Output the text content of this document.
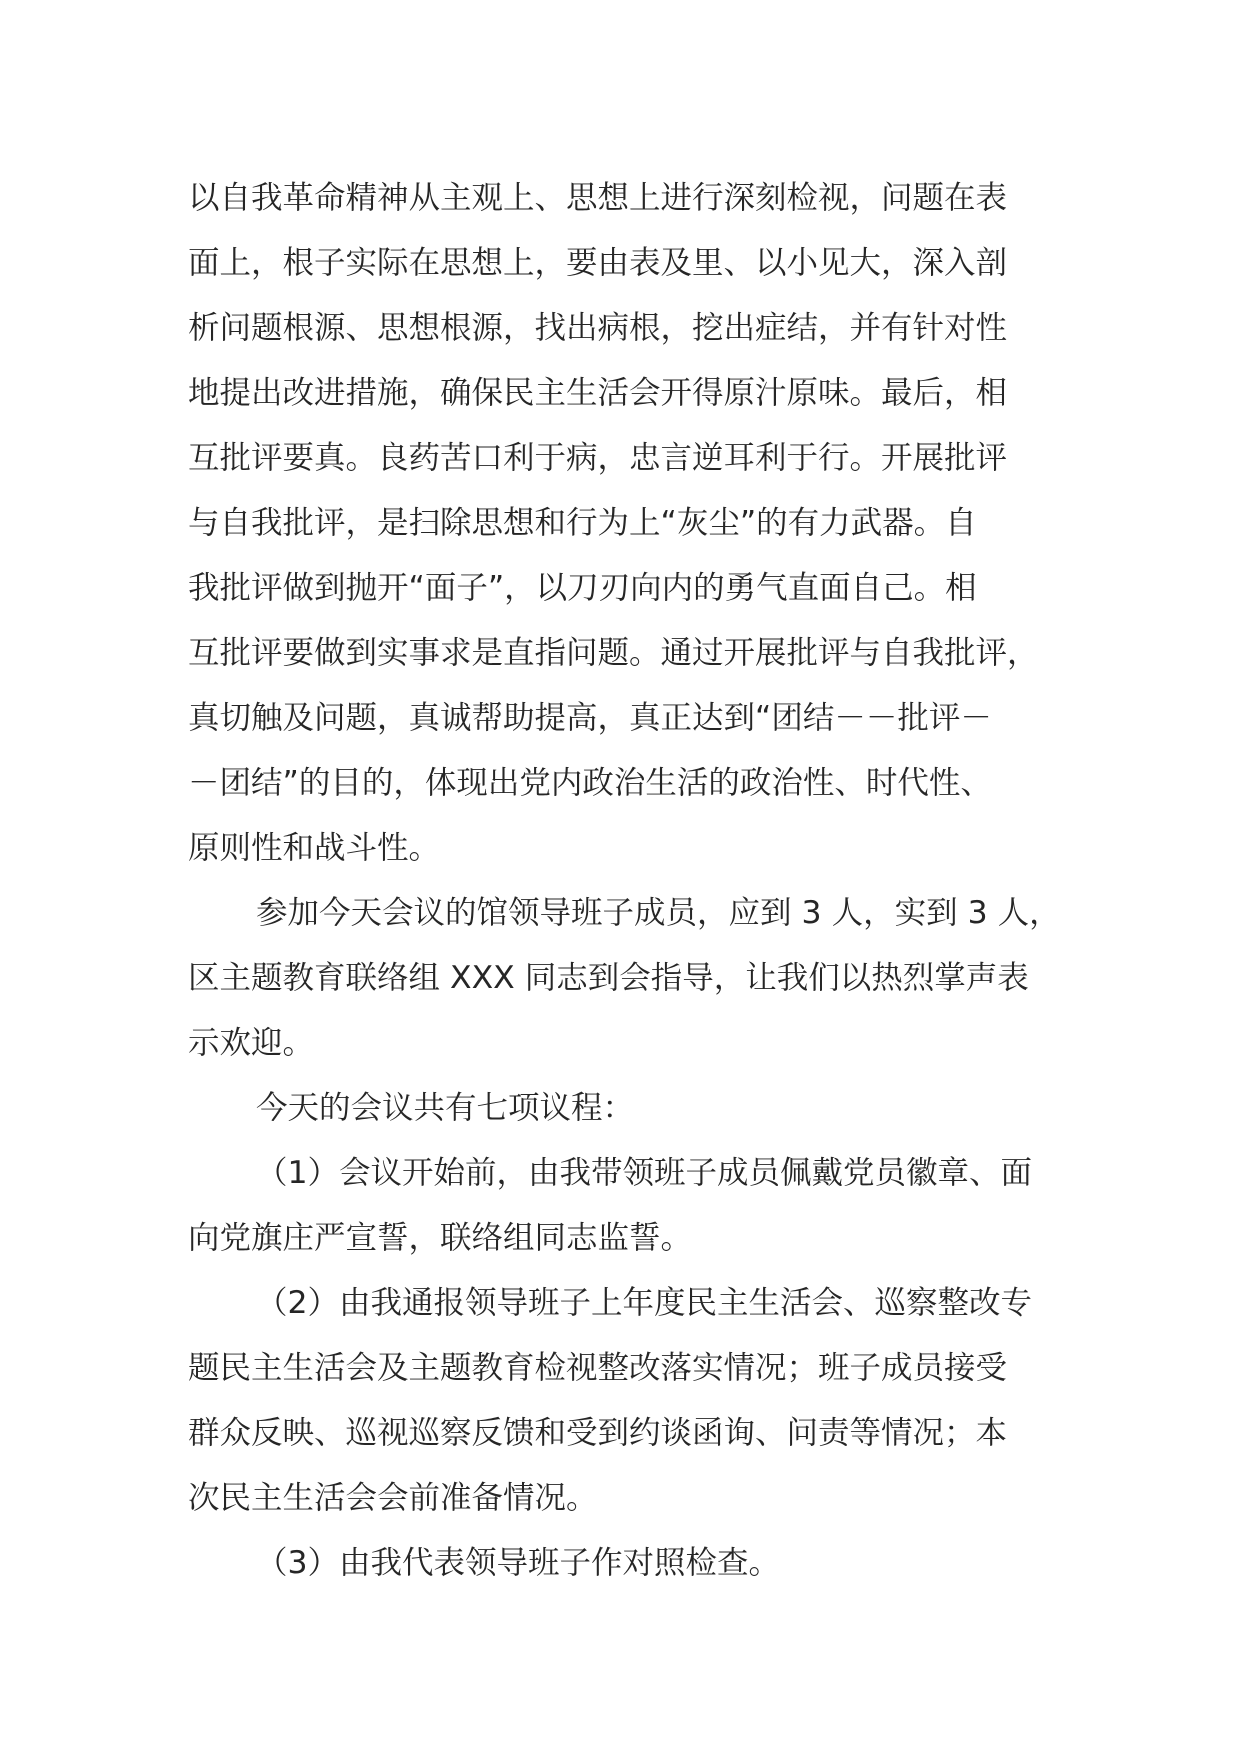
以自我革命精神从主观上、思想上进行深刻检视，问题在表
面上，根子实际在思想上，要由表及里、以小见大，深入剖
析问题根源、思想根源，找出病根，挖出症结，并有针对性
地提出改进措施，确保民主生活会开得原汁原味。最后，相
互批评要真。良药苦口利于病，忠言逆耳利于行。开展批评
与自我批评，是扫除思想和行为上“灰尘”的有力武器。自
我批评做到抛开“面子”，以刀刃向内的勇气直面自己。相
互批评要做到实事求是直指问题。通过开展批评与自我批评，
真切触及问题，真诚帮助提高，真正达到“团结－－批评－
－团结”的目的，体现出党内政治生活的政治性、时代性、
原则性和战斗性。
参加今天会议的馆领导班子成员，应到 3 人，实到 3 人，
区主题教育联络组 XXX 同志到会指导，让我们以热烈掌声表
示欢迎。
今天的会议共有七项议程：
（1）会议开始前，由我带领班子成员佩戴党员徽章、面
向党旗庄严宣誓，联络组同志监誓。
（2）由我通报领导班子上年度民主生活会、巡察整改专
题民主生活会及主题教育检视整改落实情况；班子成员接受
群众反映、巡视巡察反馈和受到约谈函询、问责等情况；本
次民主生活会会前准备情况。
（3）由我代表领导班子作对照检查。
